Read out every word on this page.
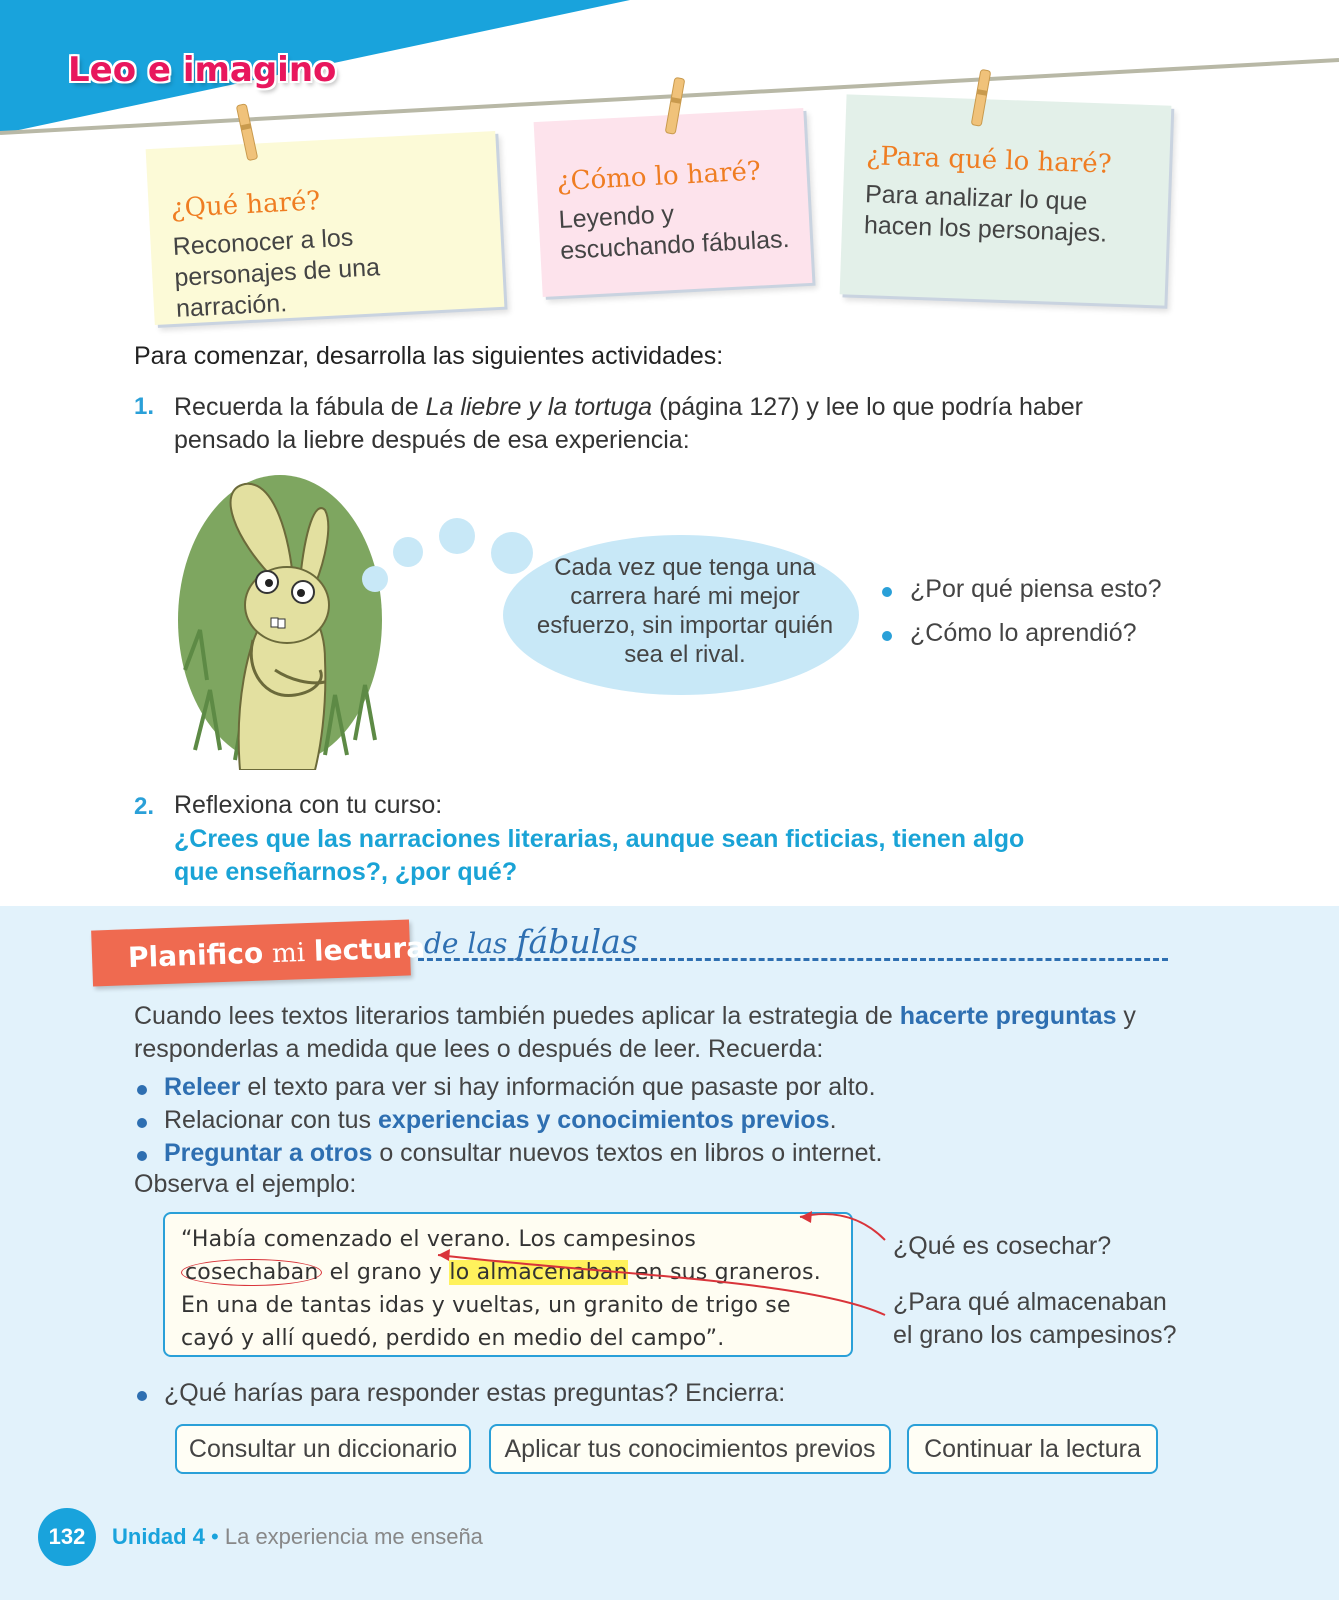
Leo e imagino
¿Qué haré?
Reconocer a los personajes de una narración.
¿Cómo lo haré?
Leyendo y escuchando fábulas.
¿Para qué lo haré?
Para analizar lo que hacen los personajes.
Para comenzar, desarrolla las siguientes actividades:
1. Recuerda la fábula de La liebre y la tortuga (página 127) y lee lo que podría haber pensado la liebre después de esa experiencia:
Cada vez que tenga una carrera haré mi mejor esfuerzo, sin importar quién sea el rival.
¿Por qué piensa esto?
¿Cómo lo aprendió?
2. Reflexiona con tu curso:
¿Crees que las narraciones literarias, aunque sean ficticias, tienen algo que enseñarnos?, ¿por qué?
Planifico mi lectura
de las fábulas
Cuando lees textos literarios también puedes aplicar la estrategia de hacerte preguntas y responderlas a medida que lees o después de leer. Recuerda:
Releer el texto para ver si hay información que pasaste por alto.
Relacionar con tus experiencias y conocimientos previos.
Preguntar a otros o consultar nuevos textos en libros o internet.
Observa el ejemplo:
“Había comenzado el verano. Los campesinos cosechaban el grano y lo almacenaban en sus graneros. En una de tantas idas y vueltas, un granito de trigo se cayó y allí quedó, perdido en medio del campo”.
¿Qué es cosechar?
¿Para qué almacenaban el grano los campesinos?
¿Qué harías para responder estas preguntas? Encierra:
Consultar un diccionario	Aplicar tus conocimientos previos	Continuar la lectura
132	Unidad 4 • La experiencia me enseña
